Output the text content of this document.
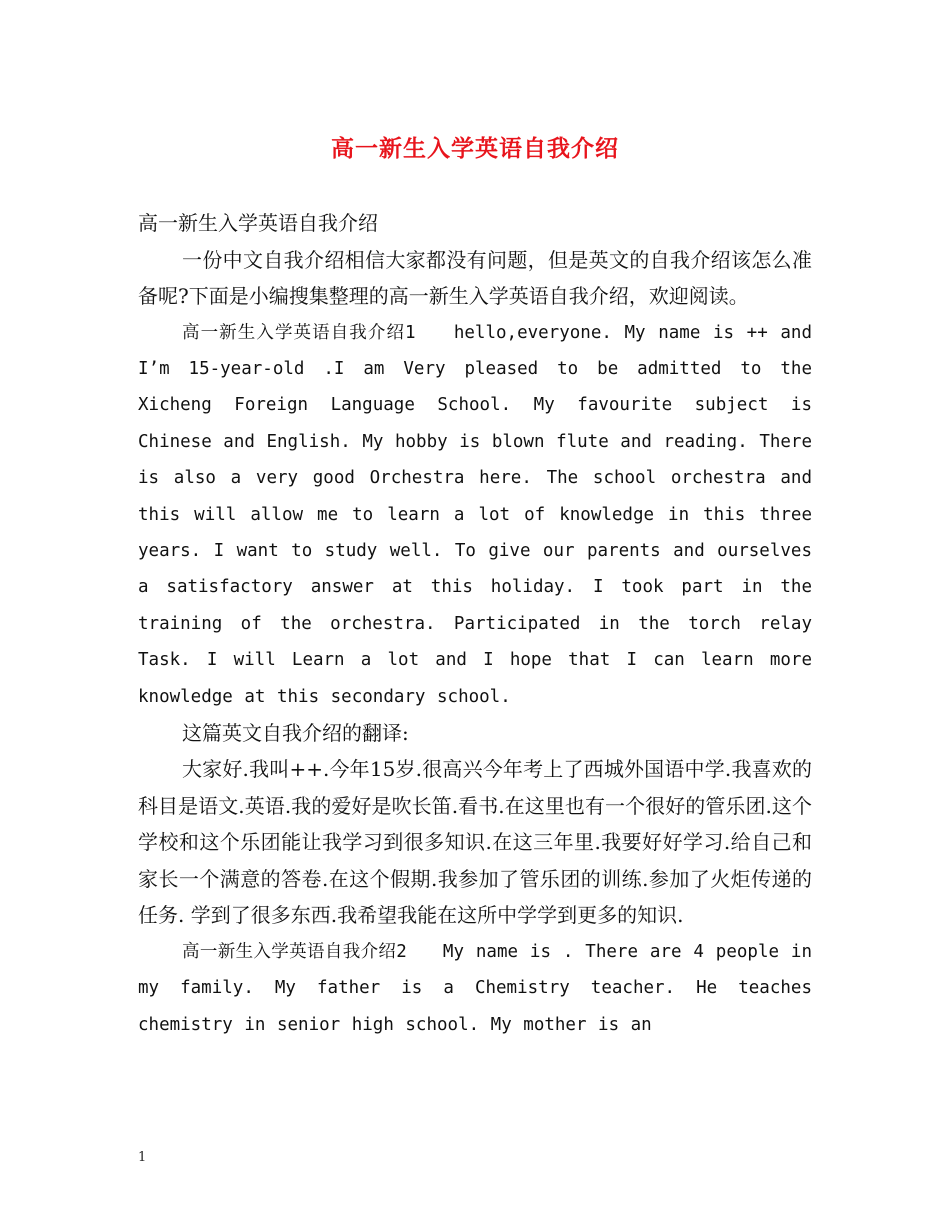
高一新生入学英语自我介绍

高一新生入学英语自我介绍

一份中文自我介绍相信大家都没有问题，但是英文的自我介绍该怎么准备呢?下面是小编搜集整理的高一新生入学英语自我介绍，欢迎阅读。

高一新生入学英语自我介绍1　　hello,everyone. My name is ++ and I’m 15-year-old .I am Very pleased to be admitted to the Xicheng Foreign Language School. My favourite subject is Chinese and English. My hobby is blown flute and reading. There is also a very good Orchestra here. The school orchestra and this will allow me to learn a lot of knowledge in this three years. I want to study well. To give our parents and ourselves a satisfactory answer at this holiday. I took part in the training of the orchestra. Participated in the torch relay Task. I will Learn a lot and I hope that I can learn more knowledge at this secondary school.

这篇英文自我介绍的翻译:

大家好.我叫++.今年15岁.很高兴今年考上了西城外国语中学.我喜欢的科目是语文.英语.我的爱好是吹长笛.看书.在这里也有一个很好的管乐团.这个学校和这个乐团能让我学习到很多知识.在这三年里.我要好好学习.给自己和家长一个满意的答卷.在这个假期.我参加了管乐团的训练.参加了火炬传递的任务. 学到了很多东西.我希望我能在这所中学学到更多的知识.

高一新生入学英语自我介绍2　　My name is . There are 4 people in my family. My father is a Chemistry teacher. He teaches chemistry in senior high school. My mother is an

1
